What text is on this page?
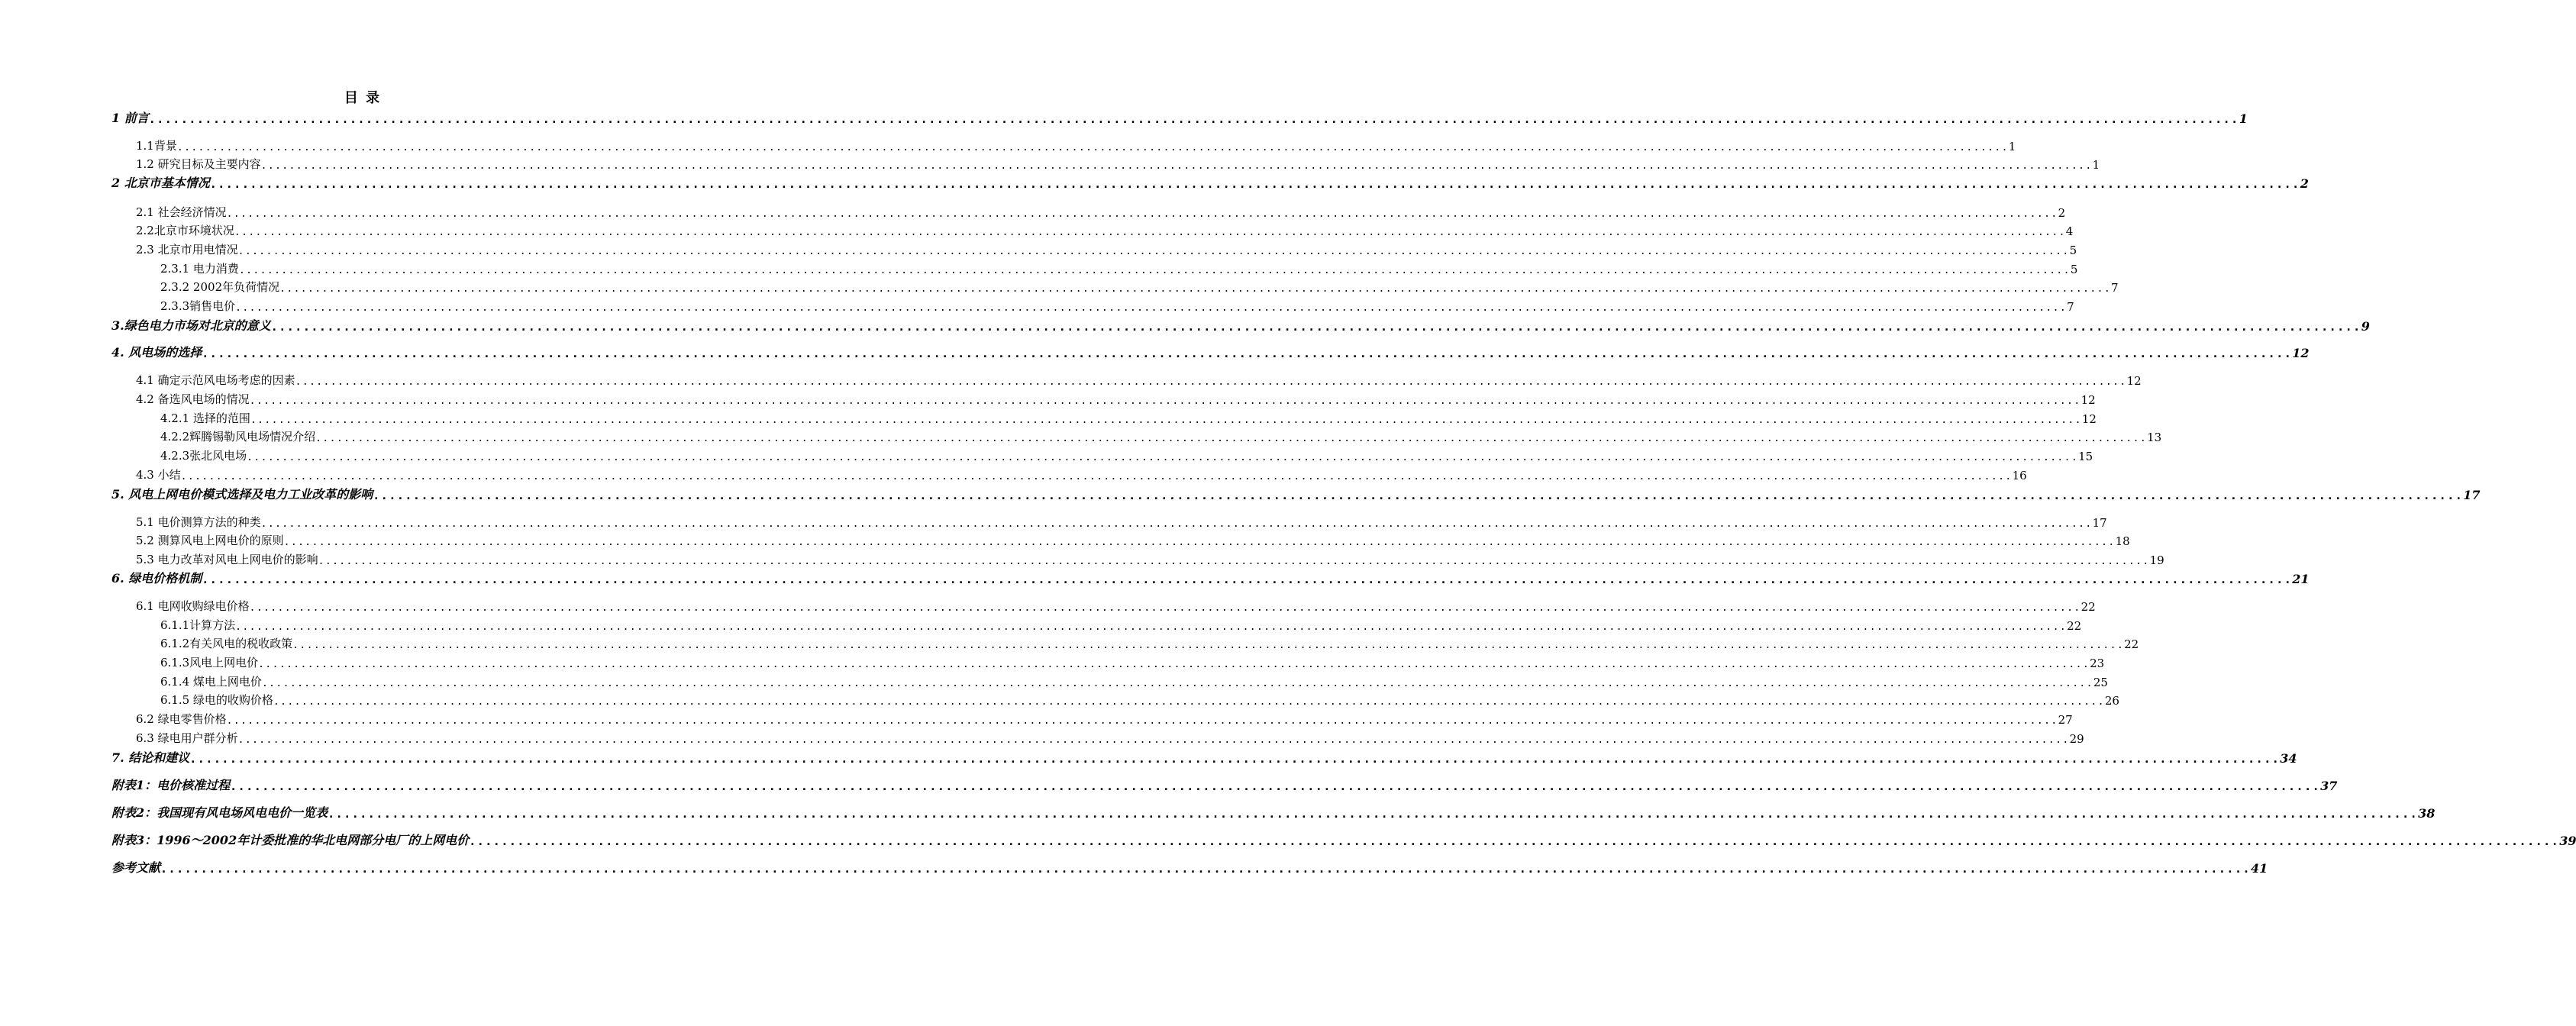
目 录
1 前言 .................................................................................................................................................................................................................................................................... 1
1.1背景 .................................................................................................................................................................................................................................................................... 1
1.2 研究目标及主要内容 .................................................................................................................................................................................................................................................................... 1
2 北京市基本情况 .................................................................................................................................................................................................................................................................... 2
2.1 社会经济情况 .................................................................................................................................................................................................................................................................... 2
2.2北京市环境状况 .................................................................................................................................................................................................................................................................... 4
2.3 北京市用电情况 .................................................................................................................................................................................................................................................................... 5
2.3.1 电力消费 .................................................................................................................................................................................................................................................................... 5
2.3.2 2002年负荷情况 .................................................................................................................................................................................................................................................................... 7
2.3.3销售电价 .................................................................................................................................................................................................................................................................... 7
3.绿色电力市场对北京的意义 .................................................................................................................................................................................................................................................................... 9
4. 风电场的选择 .................................................................................................................................................................................................................................................................... 12
4.1 确定示范风电场考虑的因素 .................................................................................................................................................................................................................................................................... 12
4.2 备选风电场的情况 .................................................................................................................................................................................................................................................................... 12
4.2.1 选择的范围 .................................................................................................................................................................................................................................................................... 12
4.2.2辉腾锡勒风电场情况介绍 .................................................................................................................................................................................................................................................................... 13
4.2.3张北风电场 .................................................................................................................................................................................................................................................................... 15
4.3 小结 .................................................................................................................................................................................................................................................................... 16
5. 风电上网电价模式选择及电力工业改革的影响 .................................................................................................................................................................................................................................................................... 17
5.1 电价测算方法的种类 .................................................................................................................................................................................................................................................................... 17
5.2 测算风电上网电价的原则 .................................................................................................................................................................................................................................................................... 18
5.3 电力改革对风电上网电价的影响 .................................................................................................................................................................................................................................................................... 19
6. 绿电价格机制 .................................................................................................................................................................................................................................................................... 21
6.1 电网收购绿电价格 .................................................................................................................................................................................................................................................................... 22
6.1.1计算方法 .................................................................................................................................................................................................................................................................... 22
6.1.2有关风电的税收政策 .................................................................................................................................................................................................................................................................... 22
6.1.3风电上网电价 .................................................................................................................................................................................................................................................................... 23
6.1.4 煤电上网电价 .................................................................................................................................................................................................................................................................... 25
6.1.5 绿电的收购价格 .................................................................................................................................................................................................................................................................... 26
6.2 绿电零售价格 .................................................................................................................................................................................................................................................................... 27
6.3 绿电用户群分析 .................................................................................................................................................................................................................................................................... 29
7. 结论和建议 .................................................................................................................................................................................................................................................................... 34
附表1：电价核准过程 .................................................................................................................................................................................................................................................................... 37
附表2：我国现有风电场风电电价一览表 .................................................................................................................................................................................................................................................................... 38
附表3：1996～2002年计委批准的华北电网部分电厂的上网电价 .................................................................................................................................................................................................................................................................... 39
参考文献 .................................................................................................................................................................................................................................................................... 41
